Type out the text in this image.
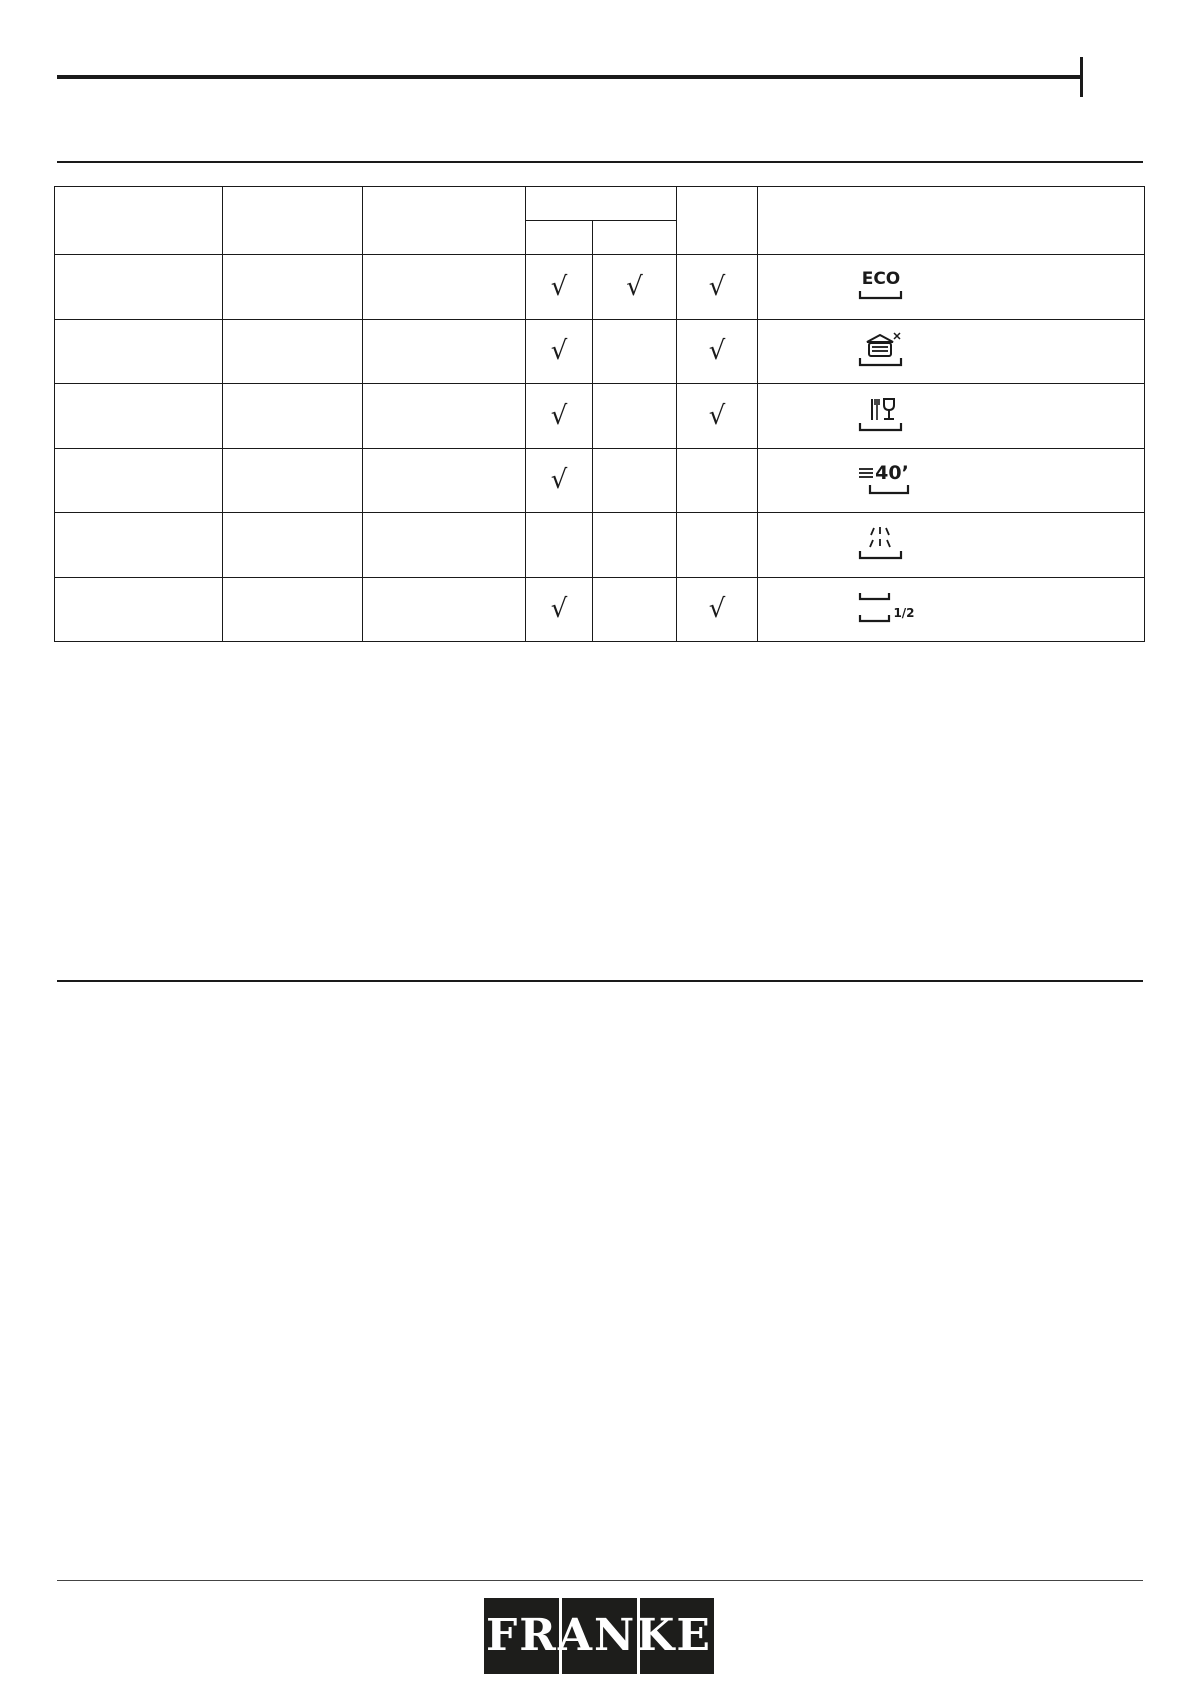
			√	√	√	ECO

			√		√	
			√		√	
			√			40’

			√		√	1/2
FRANKE
